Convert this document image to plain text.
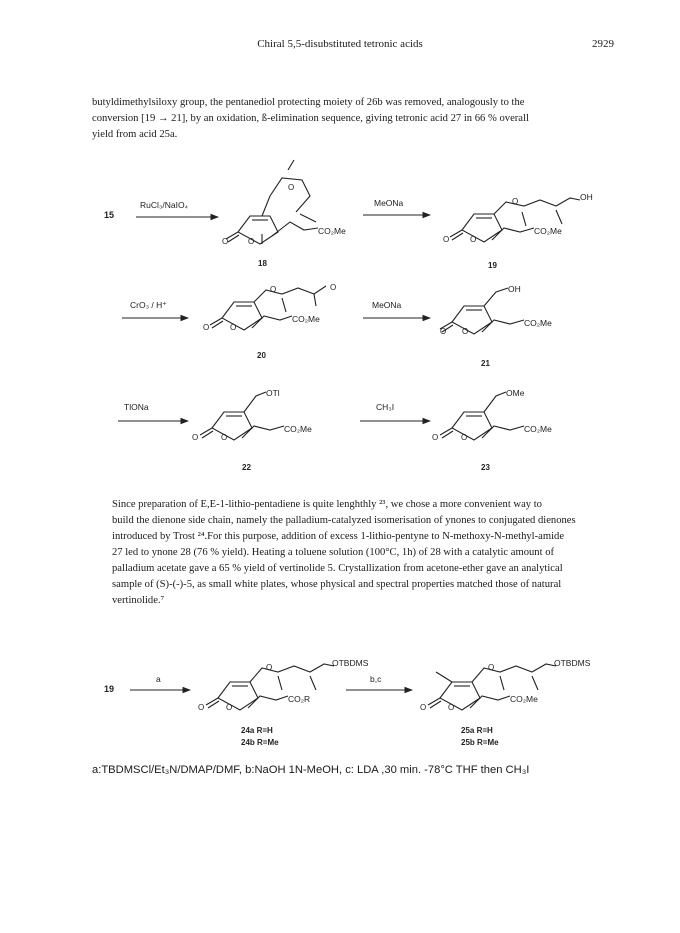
Chiral 5,5-disubstituted tetronic acids	2929
butyldimethylsiloxy group, the pentanediol protecting moiety of 26b was removed, analogously to the
conversion [19 → 21], by an oxidation, ß-elimination sequence, giving tetronic acid 27 in 66 % overall
yield from acid 25a.
15
RuCl₃/NaIO₄
O
O O
CO₂Me
18
MeONa	O
O	O
OH
CO₂Me
19
CrO₃ / H⁺
O	O
O	O
CO₂Me
20
MeONa
O O
OH
CO₂Me
21
TlONa
O	O
OTl
CO₂Me
22
CH₃I
O	O
OMe
CO₂Me
23
19
a
O
O	O
OTBDMS
CO₂R
24a R=H
24b R=Me
b,c
O
O	O
OTBDMS
CO₂Me
25a R=H
25b R=Me
Since preparation of E,E-1-lithio-pentadiene is quite lenghthly ²³, we chose a more convenient way to
build the dienone side chain, namely the palladium-catalyzed isomerisation of ynones to conjugated dienones
introduced by Trost ²⁴.For this purpose, addition of excess 1-lithio-pentyne to N-methoxy-N-methyl-amide
27 led to ynone 28 (76 % yield). Heating a toluene solution (100°C, 1h) of 28 with a catalytic amount of
palladium acetate gave a 65 % yield of vertinolide 5. Crystallization from acetone-ether gave an analytical
sample of (S)-(-)-5, as small white plates, whose physical and spectral properties matched those of natural
vertinolide.⁷
a:TBDMSCl/Et₃N/DMAP/DMF, b:NaOH 1N-MeOH, c: LDA ,30 min. -78°C THF then CH₃I
